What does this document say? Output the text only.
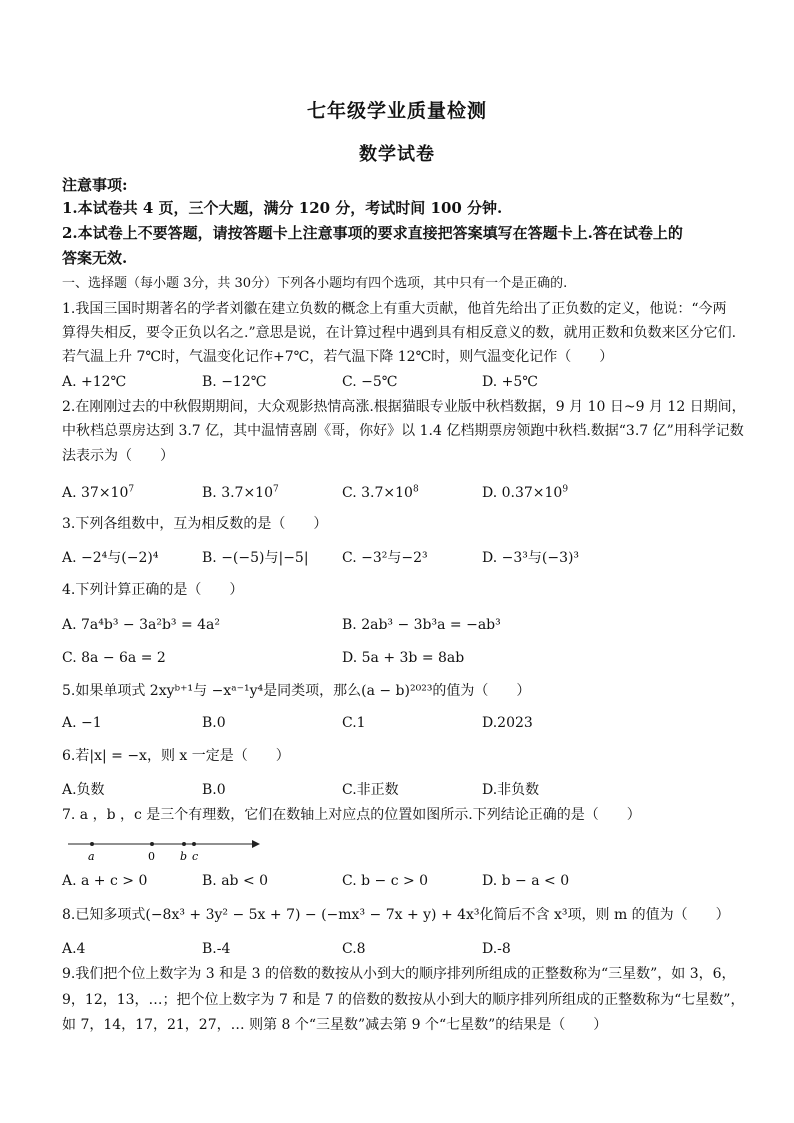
七年级学业质量检测
数学试卷
注意事项:
1.本试卷共 4 页，三个大题，满分 120 分，考试时间 100 分钟.
2.本试卷上不要答题，请按答题卡上注意事项的要求直接把答案填写在答题卡上.答在试卷上的
答案无效.
一、选择题（每小题 3分，共 30分）下列各小题均有四个选项，其中只有一个是正确的.
1.我国三国时期著名的学者刘徽在建立负数的概念上有重大贡献，他首先给出了正负数的定义，他说：“今两
算得失相反，要令正负以名之.”意思是说，在计算过程中遇到具有相反意义的数，就用正数和负数来区分它们.
若气温上升 7℃时，气温变化记作+7℃，若气温下降 12℃时，则气温变化记作（　　）
A. +12℃	B. −12℃	C. −5℃	D. +5℃
2.在刚刚过去的中秋假期期间，大众观影热情高涨.根据猫眼专业版中秋档数据，9 月 10 日~9 月 12 日期间，
中秋档总票房达到 3.7 亿，其中温情喜剧《哥，你好》以 1.4 亿档期票房领跑中秋档.数据“3.7 亿”用科学记数
法表示为（　　）
A. $37\times 10^7$	B. $3.7\times 10^7$	C. $3.7\times 10^8$	D. $0.37\times 10^9$
3.下列各组数中，互为相反数的是（　　）
A. −2⁴与(−2)⁴	B. −(−5)与|−5| C. −3²与−2³	D. −3³与(−3)³
4.下列计算正确的是（　　）
A. 7a⁴b³ − 3a²b³ = 4a²	B. 2ab³ − 3b³a = −ab³
C. 8a − 6a = 2	D. 5a + 3b = 8ab
5.如果单项式 2xyᵇ⁺¹与 −xᵃ⁻¹y⁴是同类项，那么(a − b)²⁰²³的值为（　　）
A. −1	B.0	C.1	D.2023
6.若|x| = −x，则 x 一定是（　　）
A.负数	B.0	C.非正数	D.非负数
7. a ，b ，c 是三个有理数，它们在数轴上对应点的位置如图所示.下列结论正确的是（　　）
a	0 b c
A. a + c > 0	B. ab < 0	C. b − c > 0	D. b − a < 0
8.已知多项式(−8x³ + 3y² − 5x + 7) − (−mx³ − 7x + y) + 4x³化简后不含 x³项，则 m 的值为（　　）
A.4	B.-4	C.8	D.-8
9.我们把个位上数字为 3 和是 3 的倍数的数按从小到大的顺序排列所组成的正整数称为“三星数”，如 3，6，
9，12，13，…；把个位上数字为 7 和是 7 的倍数的数按从小到大的顺序排列所组成的正整数称为“七星数”，
如 7，14，17，21，27，… 则第 8 个“三星数”减去第 9 个“七星数”的结果是（　　）
